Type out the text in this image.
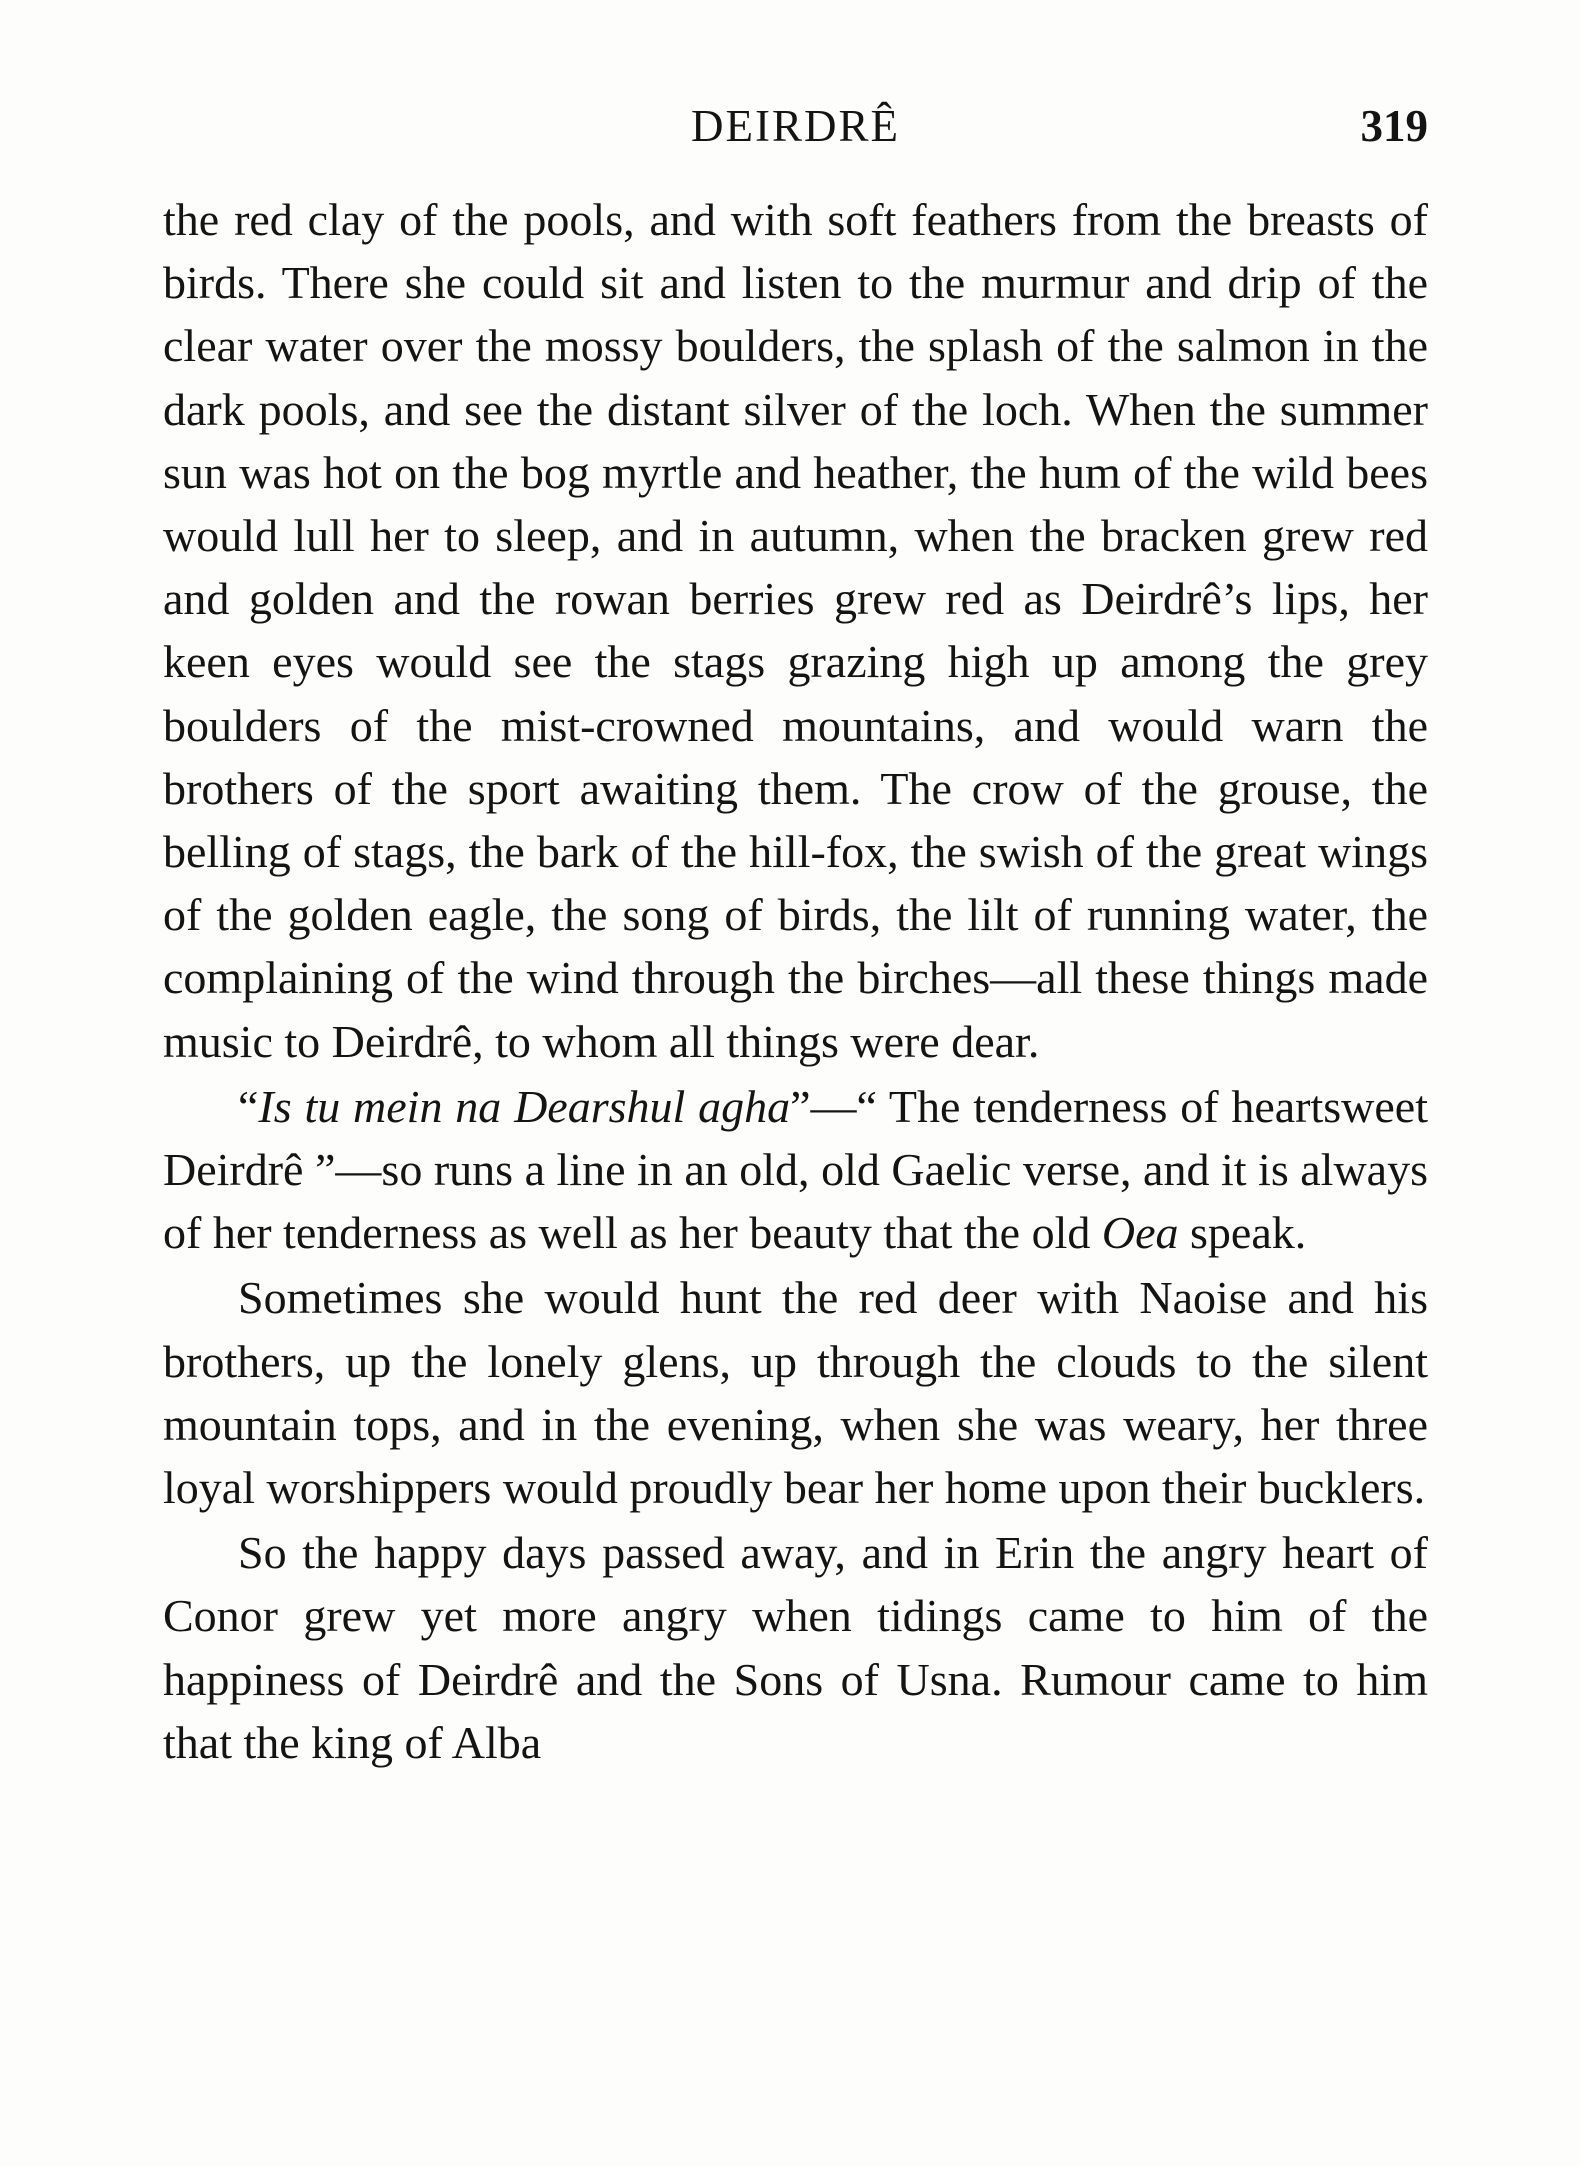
DEIRDRÊ	319

the red clay of the pools, and with soft feathers from the breasts of birds. There she could sit and listen to the murmur and drip of the clear water over the mossy boulders, the splash of the salmon in the dark pools, and see the distant silver of the loch. When the summer sun was hot on the bog myrtle and heather, the hum of the wild bees would lull her to sleep, and in autumn, when the bracken grew red and golden and the rowan berries grew red as Deirdrê’s lips, her keen eyes would see the stags grazing high up among the grey boulders of the mist-crowned mountains, and would warn the brothers of the sport awaiting them. The crow of the grouse, the belling of stags, the bark of the hill-fox, the swish of the great wings of the golden eagle, the song of birds, the lilt of running water, the complaining of the wind through the birches—all these things made music to Deirdrê, to whom all things were dear.

“Is tu mein na Dearshul agha”—“ The tenderness of heartsweet Deirdrê ”—so runs a line in an old, old Gaelic verse, and it is always of her tenderness as well as her beauty that the old Oea speak.

Sometimes she would hunt the red deer with Naoise and his brothers, up the lonely glens, up through the clouds to the silent mountain tops, and in the evening, when she was weary, her three loyal worshippers would proudly bear her home upon their bucklers.

So the happy days passed away, and in Erin the angry heart of Conor grew yet more angry when tidings came to him of the happiness of Deirdrê and the Sons of Usna. Rumour came to him that the king of Alba
